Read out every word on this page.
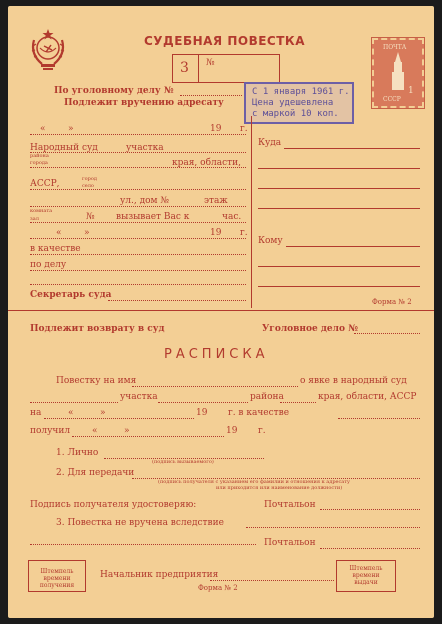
СУДЕБНАЯ ПОВЕСТКА
3 №
ПОЧТА
1
СССР
С 1 января 1961 г.
Цена удешевлена
с маркой 10 коп.
По уголовному делу №
Подлежит вручению адресату
« »	19 г.
Народный суд	участка
района
города	края, области,
АССР,	город
село
ул., дом №	этаж
комната
зал	№ вызывает Вас к	час.
« »	19 г.
в качестве
по делу
Секретарь суда
Куда
Кому
Форма № 2
Подлежит возврату в суд	Уголовное дело №
РАСПИСКА
Повестку на имя	о явке в народный суд
участка	района	края, области, АССР
на	«	»	19 г. в качестве
получил «	»	19 г.
1. Лично
(подпись вызываемого)
2. Для передачи
(подпись получателя с указанием его фамилии и отношения к адресату
или приходится или наименование должности)
Подпись получателя удостоверяю:	Почтальон
3. Повестка не вручена вследствие
Почтальон
Штемпель времени получения
Начальник предприятия
Форма № 2
Штемпель времени выдачи
